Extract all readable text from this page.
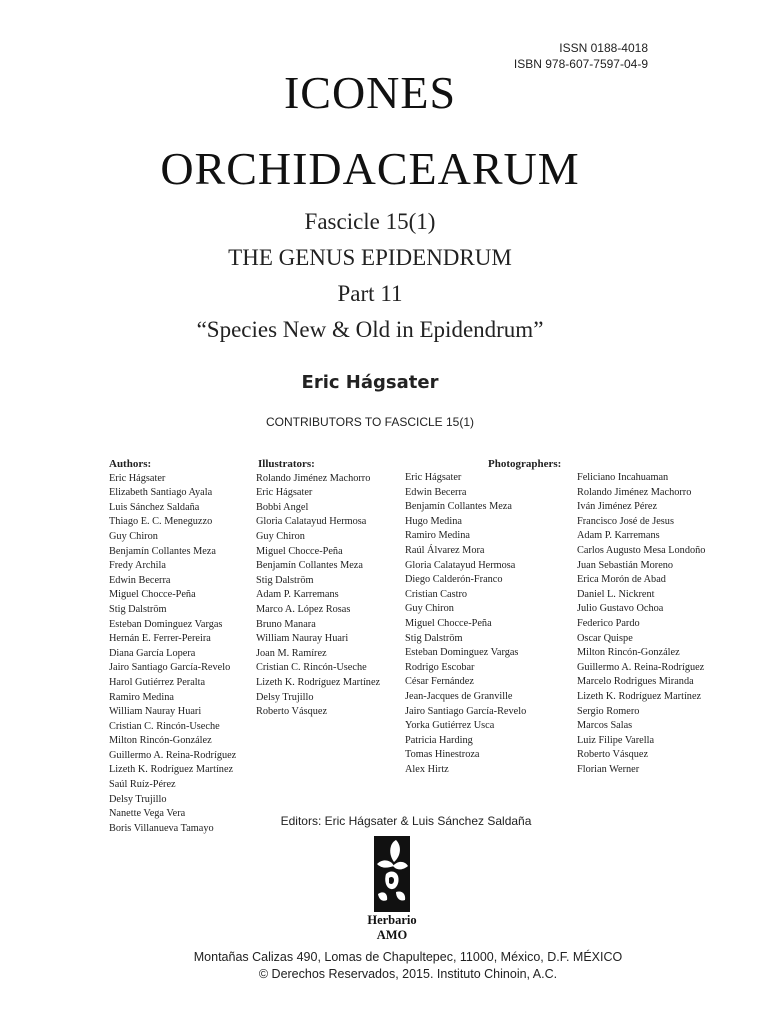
ISSN 0188-4018
ISBN 978-607-7597-04-9
ICONES
ORCHIDACEARUM
Fascicle 15(1)
THE GENUS EPIDENDRUM
Part 11
“Species New & Old in Epidendrum”
Eric Hágsater
CONTRIBUTORS TO FASCICLE 15(1)
Authors:
Eric Hágsater
Elizabeth Santiago Ayala
Luis Sánchez Saldaña
Thiago E. C. Meneguzzo
Guy Chiron
Benjamín Collantes Meza
Fredy Archila
Edwin Becerra
Miguel Chocce-Peña
Stig Dalström
Esteban Dominguez Vargas
Hernán E. Ferrer-Pereira
Diana García Lopera
Jairo Santiago García-Revelo
Harol Gutiérrez Peralta
Ramiro Medina
William Nauray Huari
Cristian C. Rincón-Useche
Milton Rincón-González
Guillermo A. Reina-Rodríguez
Lizeth K. Rodríguez Martínez
Saúl Ruíz-Pérez
Delsy Trujillo
Nanette Vega Vera
Boris Villanueva Tamayo
Illustrators:
Rolando Jiménez Machorro
Eric Hágsater
Bobbi Angel
Gloria Calatayud Hermosa
Guy Chiron
Miguel Chocce-Peña
Benjamín Collantes Meza
Stig Dalström
Adam P. Karremans
Marco A. López Rosas
Bruno Manara
William Nauray Huari
Joan M. Ramírez
Cristian C. Rincón-Useche
Lizeth K. Rodríguez Martínez
Delsy Trujillo
Roberto Vásquez
Photographers:
Eric Hágsater
Edwin Becerra
Benjamín Collantes Meza
Hugo Medina
Ramiro Medina
Raúl Álvarez Mora
Gloria Calatayud Hermosa
Diego Calderón-Franco
Cristian Castro
Guy Chiron
Miguel Chocce-Peña
Stig Dalström
Esteban Dominguez Vargas
Rodrigo Escobar
César Fernández
Jean-Jacques de Granville
Jairo Santiago García-Revelo
Yorka Gutiérrez Usca
Patricia Harding
Tomas Hinestroza
Alex Hirtz
Feliciano Incahuaman
Rolando Jiménez Machorro
Iván Jiménez Pérez
Francisco José de Jesus
Adam P. Karremans
Carlos Augusto Mesa Londoño
Juan Sebastián Moreno
Erica Morón de Abad
Daniel L. Nickrent
Julio Gustavo Ochoa
Federico Pardo
Oscar Quispe
Milton Rincón-González
Guillermo A. Reina-Rodríguez
Marcelo Rodrigues Miranda
Lizeth K. Rodríguez Martínez
Sergio Romero
Marcos Salas
Luiz Filipe Varella
Roberto Vásquez
Florian Werner
Editors: Eric Hágsater & Luis Sánchez Saldaña
Herbario
AMO
Montañas Calizas 490, Lomas de Chapultepec, 11000, México, D.F. MÉXICO
© Derechos Reservados, 2015. Instituto Chinoin, A.C.
